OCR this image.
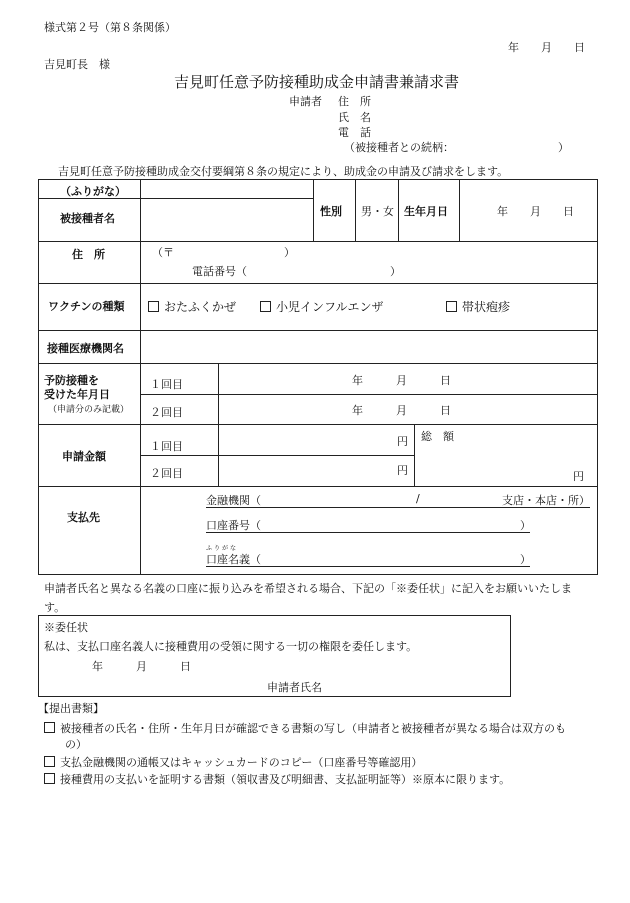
様式第２号（第８条関係）
年　　月　　日
吉見町長　様
吉見町任意予防接種助成金申請書兼請求書
申請者 住　所
氏　名
電　話
（被接種者との続柄：	）
吉見町任意予防接種助成金交付要綱第８条の規定により、助成金の申請及び請求をします。
（ふりがな）
被接種者名
性別 男・女 生年月日	年　　月　　日
住　所	（〒	）
電話番号（	）
ワクチンの種類	おたふくかぜ	小児インフルエンザ	帯状疱疹
接種医療機関名
予防接種を
受けた年月日
（申請分のみ記載）
１回目	年　　　月　　　日
２回目	年　　　月　　　日
申請金額
１回目	円
２回目	円
総　額
円
支払先
金融機関（	/	支店・本店・所）
口座番号（	）
ふりがな
口座名義（	）
申請者氏名と異なる名義の口座に振り込みを希望される場合、下記の「※委任状」に記入をお願いいたしま
す。
※委任状
私は、支払口座名義人に接種費用の受領に関する一切の権限を委任します。
年　　　月　　　日
申請者氏名
【提出書類】
被接種者の氏名・住所・生年月日が確認できる書類の写し（申請者と被接種者が異なる場合は双方のも
の）
支払金融機関の通帳又はキャッシュカードのコピー（口座番号等確認用）
接種費用の支払いを証明する書類（領収書及び明細書、支払証明証等）※原本に限ります。
